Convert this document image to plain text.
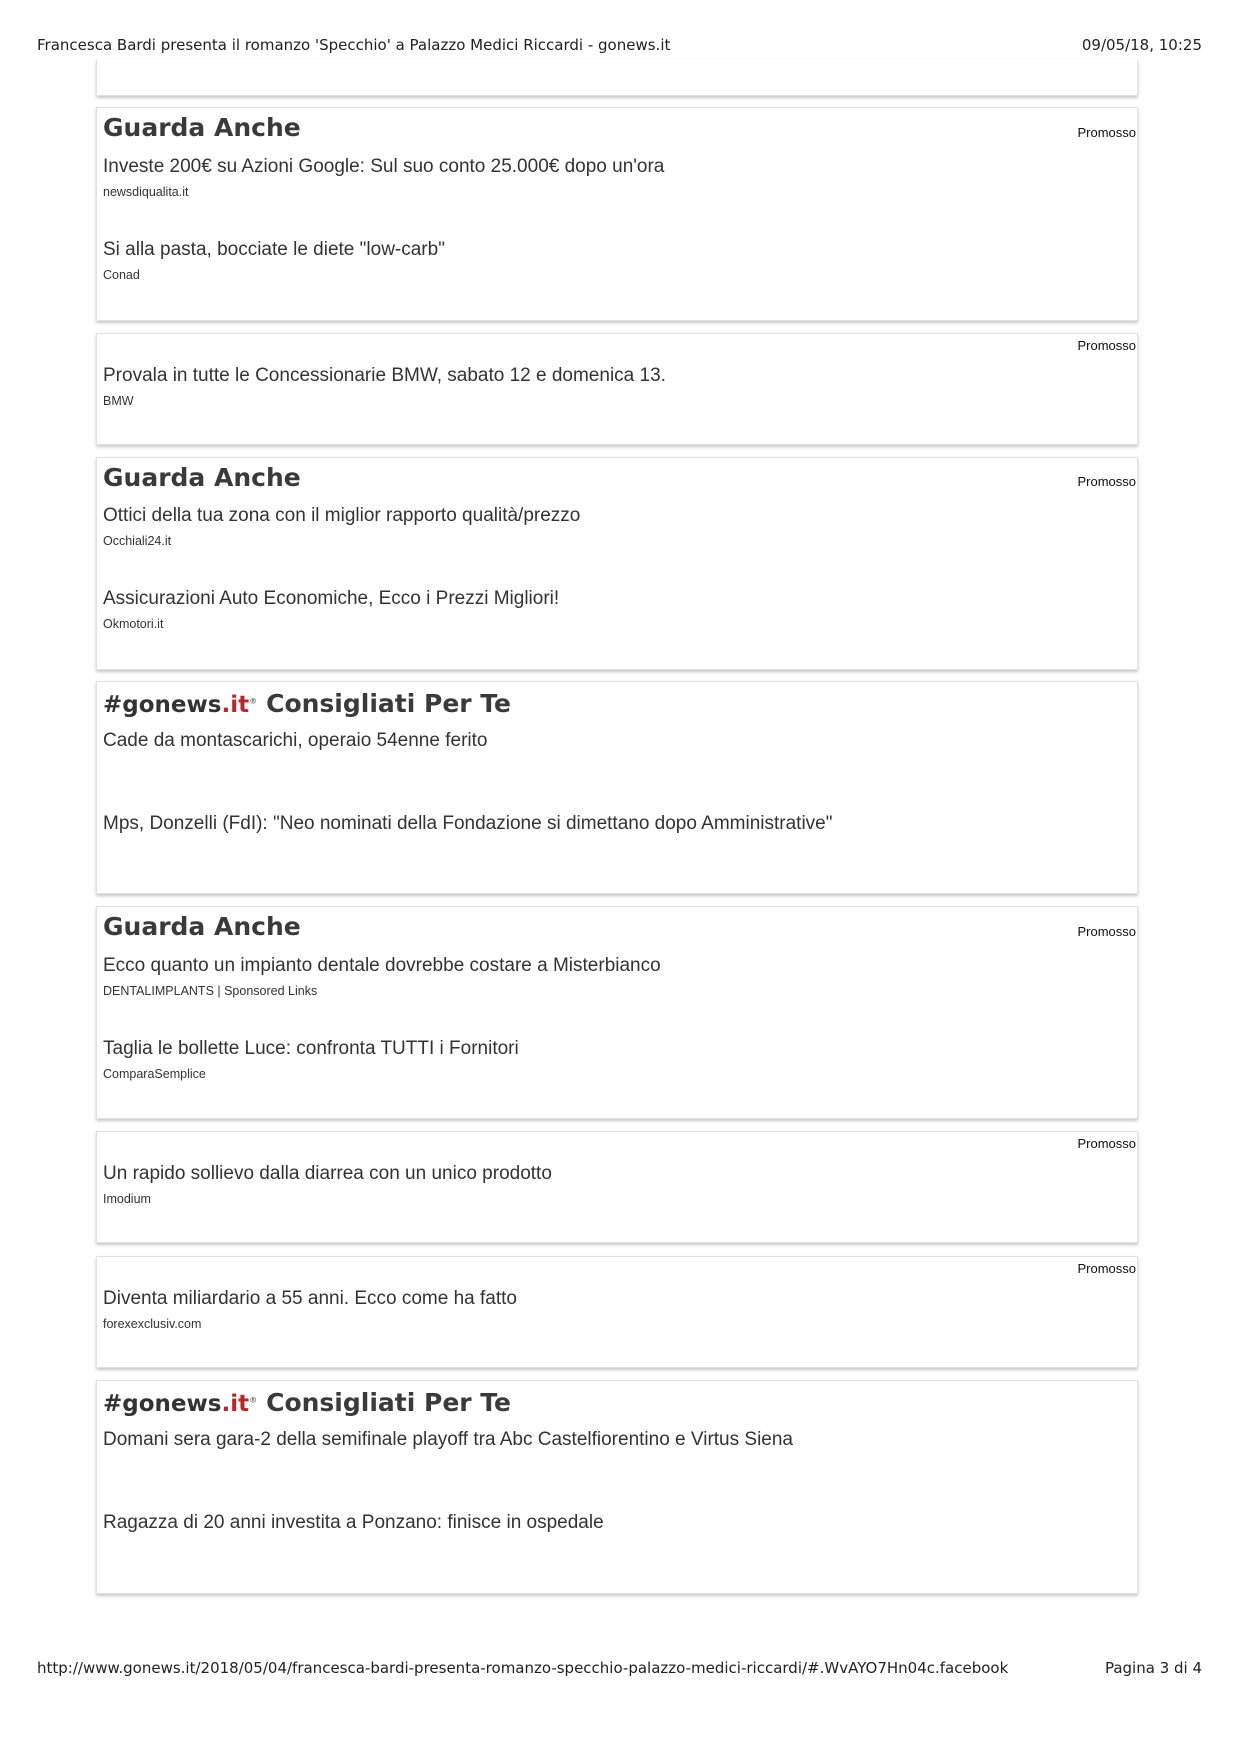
Francesca Bardi presenta il romanzo 'Specchio' a Palazzo Medici Riccardi - gonews.it	09/05/18, 10:25
Guarda Anche	Promosso
Investe 200€ su Azioni Google: Sul suo conto 25.000€ dopo un'ora
newsdiqualita.it
Si alla pasta, bocciate le diete "low-carb"
Conad
Promosso
Provala in tutte le Concessionarie BMW, sabato 12 e domenica 13.
BMW
Guarda Anche	Promosso
Ottici della tua zona con il miglior rapporto qualità/prezzo
Occhiali24.it
Assicurazioni Auto Economiche, Ecco i Prezzi Migliori!
Okmotori.it
#gonews.it® Consigliati Per Te
Cade da montascarichi, operaio 54enne ferito
Mps, Donzelli (FdI): "Neo nominati della Fondazione si dimettano dopo Amministrative"
Guarda Anche	Promosso
Ecco quanto un impianto dentale dovrebbe costare a Misterbianco
DENTALIMPLANTS | Sponsored Links
Taglia le bollette Luce: confronta TUTTI i Fornitori
ComparaSemplice
Promosso
Un rapido sollievo dalla diarrea con un unico prodotto
Imodium
Promosso
Diventa miliardario a 55 anni. Ecco come ha fatto
forexexclusiv.com
#gonews.it® Consigliati Per Te
Domani sera gara-2 della semifinale playoff tra Abc Castelfiorentino e Virtus Siena
Ragazza di 20 anni investita a Ponzano: finisce in ospedale
http://www.gonews.it/2018/05/04/francesca-bardi-presenta-romanzo-specchio-palazzo-medici-riccardi/#.WvAYO7Hn04c.facebook	Pagina 3 di 4
